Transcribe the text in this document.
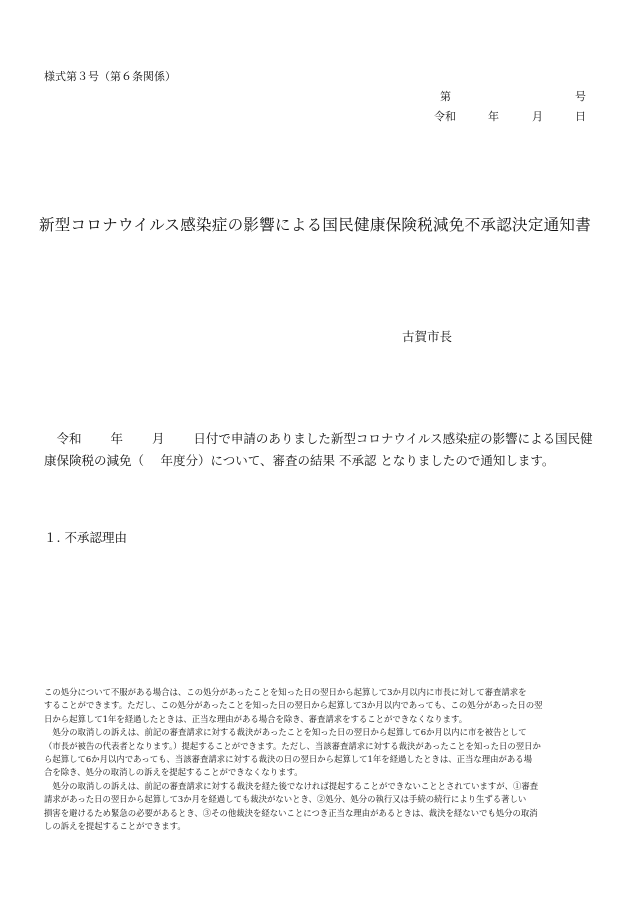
様式第３号（第６条関係）
第	号
令和	年	月	日
新型コロナウイルス感染症の影響による国民健康保険税減免不承認決定通知書
古賀市長
　令和　　 年　　 月　　 日付で申請のありました新型コロナウイルス感染症の影響による国民健
康保険税の減免（　 年度分）について、審査の結果 不承認 となりましたので通知します。
１. 不承認理由
この処分について不服がある場合は、この処分があったことを知った日の翌日から起算して3か月以内に市長に対して審査請求を
することができます。ただし、この処分があったことを知った日の翌日から起算して3か月以内であっても、この処分があった日の翌
日から起算して1年を経過したときは、正当な理由がある場合を除き、審査請求をすることができなくなります。
　処分の取消しの訴えは、前記の審査請求に対する裁決があったことを知った日の翌日から起算して6か月以内に市を被告として
（市長が被告の代表者となります。）提起することができます。ただし、当該審査請求に対する裁決があったことを知った日の翌日か
ら起算して6か月以内であっても、当該審査請求に対する裁決の日の翌日から起算して1年を経過したときは、正当な理由がある場
合を除き、処分の取消しの訴えを提起することができなくなります。
　処分の取消しの訴えは、前記の審査請求に対する裁決を経た後でなければ提起することができないこととされていますが、①審査
請求があった日の翌日から起算して3か月を経過しても裁決がないとき、②処分、処分の執行又は手続の続行により生ずる著しい
損害を避けるため緊急の必要があるとき、③その他裁決を経ないことにつき正当な理由があるときは、裁決を経ないでも処分の取消
しの訴えを提起することができます。
